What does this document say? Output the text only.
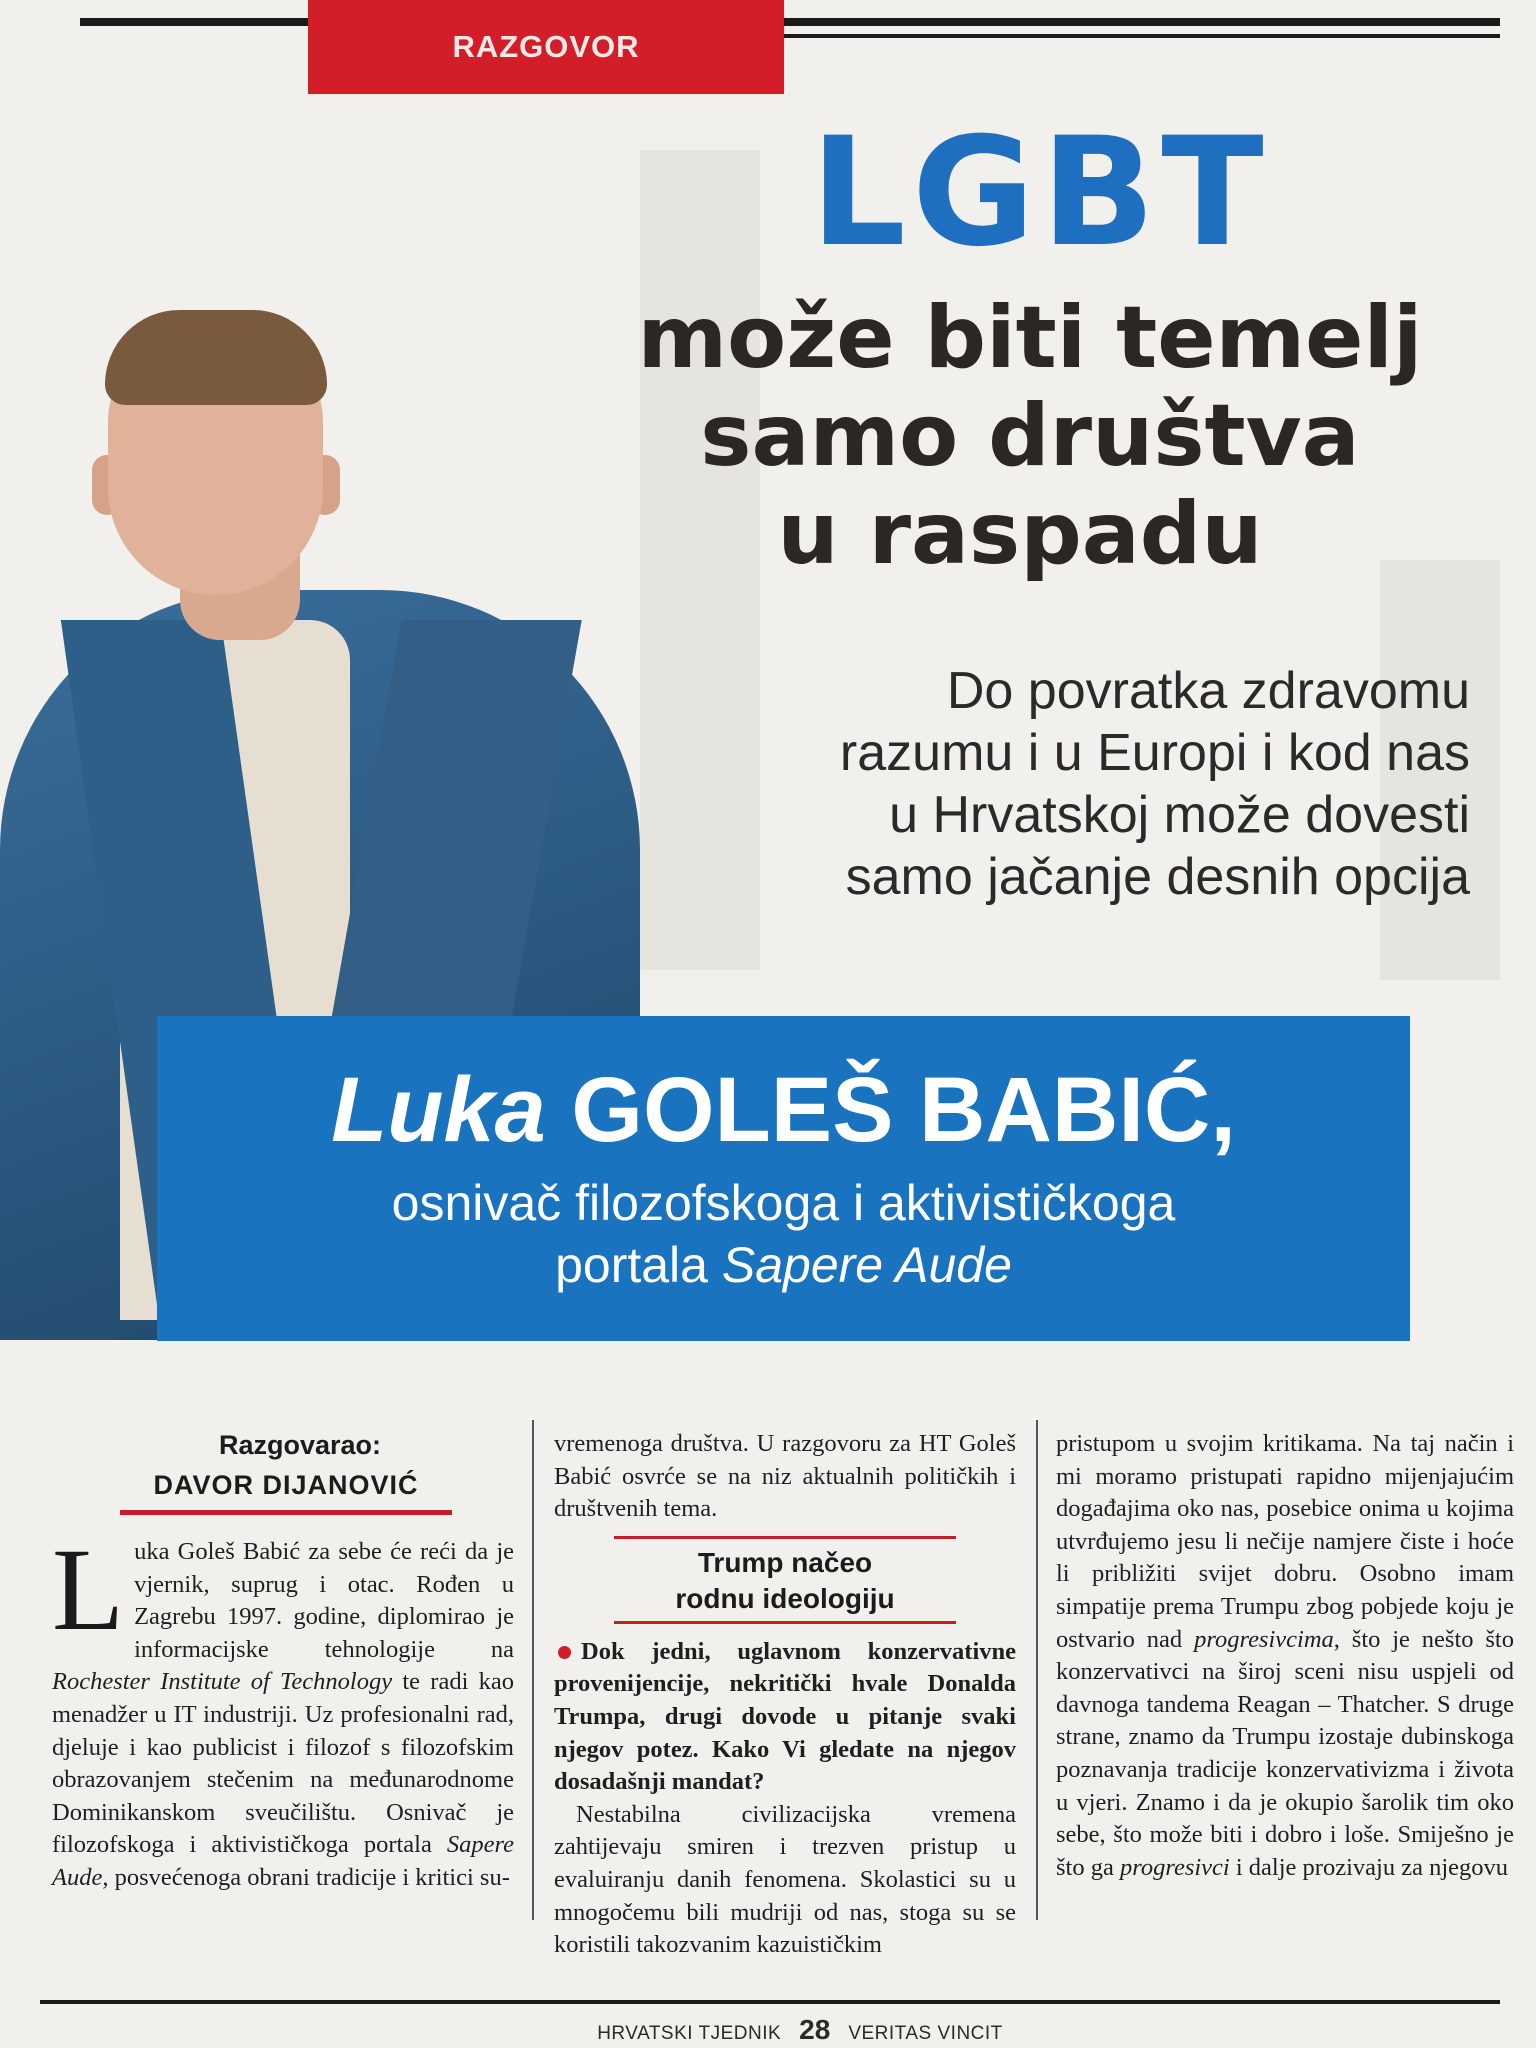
RAZGOVOR
LGBT
može biti temelj
samo društva
u raspadu
Do povratka zdravomu
razumu i u Europi i kod nas
u Hrvatskoj može dovesti
samo jačanje desnih opcija
Luka GOLEŠ BABIĆ,
osnivač filozofskoga i aktivističkoga
portala Sapere Aude
Razgovarao:
DAVOR DIJANOVIĆ

Luka Goleš Babić za sebe će reći da je vjernik, suprug i otac. Rođen u Zagrebu 1997. godine, diplomirao je informacijske tehnologije na Rochester Institute of Technology te radi kao menadžer u IT industriji. Uz profesionalni rad, djeluje i kao publicist i filozof s filozofskim obrazovanjem stečenim na međunarodnome Dominikanskom sveučilištu. Osnivač je filozofskoga i aktivističkoga portala Sapere Aude, posvećenoga obrani tradicije i kritici su-

vremenoga društva. U razgovoru za HT Goleš Babić osvrće se na niz aktualnih političkih i društvenih tema.

Trump načeo
rodnu ideologiju

Dok jedni, uglavnom konzervativne provenijencije, nekritički hvale Donalda Trumpa, drugi dovode u pitanje svaki njegov potez. Kako Vi gledate na njegov dosadašnji mandat?

Nestabilna civilizacijska vremena zahtijevaju smiren i trezven pristup u evaluiranju danih fenomena. Skolastici su u mnogočemu bili mudriji od nas, stoga su se koristili takozvanim kazuističkim

pristupom u svojim kritikama. Na taj način i mi moramo pristupati rapidno mijenjajućim događajima oko nas, posebice onima u kojima utvrđujemo jesu li nečije namjere čiste i hoće li približiti svijet dobru. Osobno imam simpatije prema Trumpu zbog pobjede koju je ostvario nad progresivcima, što je nešto što konzervativci na široj sceni nisu uspjeli od davnoga tandema Reagan – Thatcher. S druge strane, znamo da Trumpu izostaje dubinskoga poznavanja tradicije konzervativizma i života u vjeri. Znamo i da je okupio šarolik tim oko sebe, što može biti i dobro i loše. Smiješno je što ga progresivci i dalje prozivaju za njegovu

HRVATSKI TJEDNIK 28 VERITAS VINCIT
